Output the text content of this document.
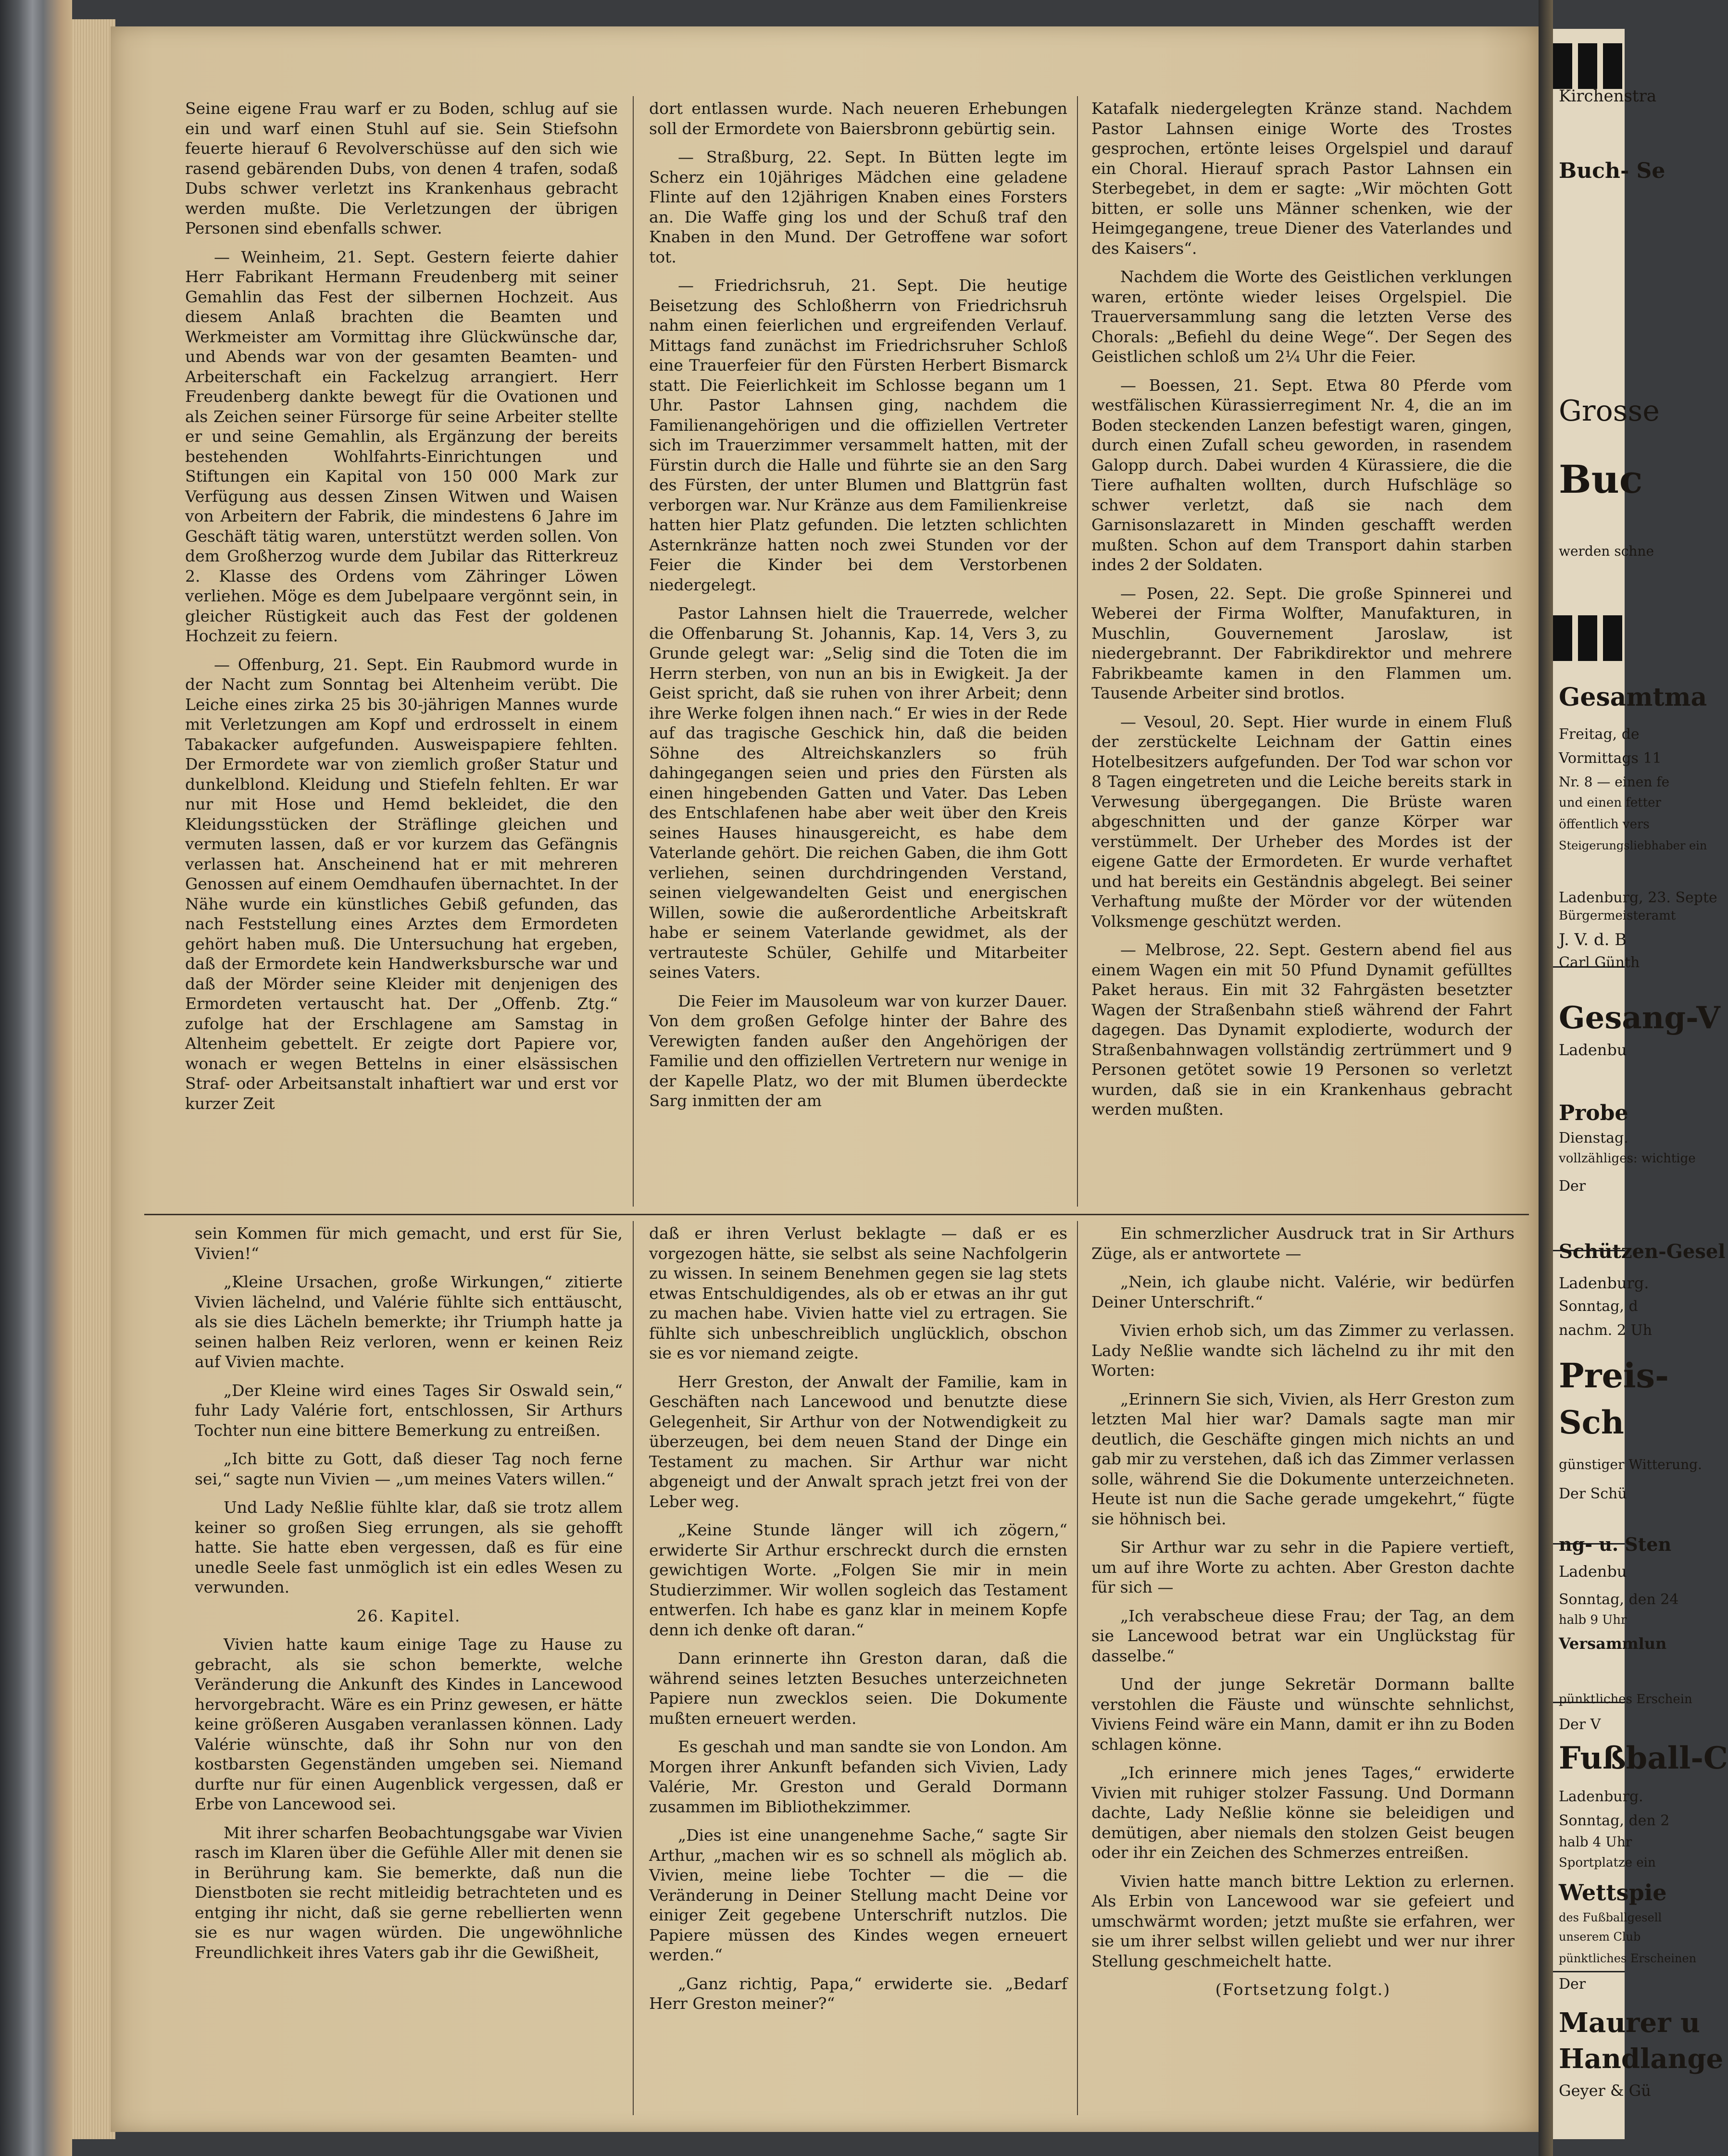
Seine eigene Frau warf er zu Boden, schlug auf sie ein und warf einen Stuhl auf sie. Sein Stiefsohn feuerte hierauf 6 Revolverschüsse auf den sich wie rasend gebärenden Dubs, von denen 4 trafen, sodaß Dubs schwer verletzt ins Krankenhaus gebracht werden mußte. Die Verletzungen der übrigen Personen sind ebenfalls schwer.

— Weinheim, 21. Sept. Gestern feierte dahier Herr Fabrikant Hermann Freudenberg mit seiner Gemahlin das Fest der silbernen Hochzeit. Aus diesem Anlaß brachten die Beamten und Werkmeister am Vormittag ihre Glückwünsche dar, und Abends war von der gesamten Beamten- und Arbeiterschaft ein Fackelzug arrangiert. Herr Freudenberg dankte bewegt für die Ovationen und als Zeichen seiner Fürsorge für seine Arbeiter stellte er und seine Gemahlin, als Ergänzung der bereits bestehenden Wohlfahrts-Einrichtungen und Stiftungen ein Kapital von 150 000 Mark zur Verfügung aus dessen Zinsen Witwen und Waisen von Arbeitern der Fabrik, die mindestens 6 Jahre im Geschäft tätig waren, unterstützt werden sollen. Von dem Großherzog wurde dem Jubilar das Ritterkreuz 2. Klasse des Ordens vom Zähringer Löwen verliehen. Möge es dem Jubelpaare vergönnt sein, in gleicher Rüstigkeit auch das Fest der goldenen Hochzeit zu feiern.

— Offenburg, 21. Sept. Ein Raubmord wurde in der Nacht zum Sonntag bei Altenheim verübt. Die Leiche eines zirka 25 bis 30-jährigen Mannes wurde mit Verletzungen am Kopf und erdrosselt in einem Tabakacker aufgefunden. Ausweispapiere fehlten. Der Ermordete war von ziemlich großer Statur und dunkelblond. Kleidung und Stiefeln fehlten. Er war nur mit Hose und Hemd bekleidet, die den Kleidungsstücken der Sträflinge gleichen und vermuten lassen, daß er vor kurzem das Gefängnis verlassen hat. Anscheinend hat er mit mehreren Genossen auf einem Oemdhaufen übernachtet. In der Nähe wurde ein künstliches Gebiß gefunden, das nach Feststellung eines Arztes dem Ermordeten gehört haben muß. Die Untersuchung hat ergeben, daß der Ermordete kein Handwerksbursche war und daß der Mörder seine Kleider mit denjenigen des Ermordeten vertauscht hat. Der „Offenb. Ztg.“ zufolge hat der Erschlagene am Samstag in Altenheim gebettelt. Er zeigte dort Papiere vor, wonach er wegen Bettelns in einer elsässischen Straf- oder Arbeitsanstalt inhaftiert war und erst vor kurzer Zeit

dort entlassen wurde. Nach neueren Erhebungen soll der Ermordete von Baiersbronn gebürtig sein.

— Straßburg, 22. Sept. In Bütten legte im Scherz ein 10jähriges Mädchen eine geladene Flinte auf den 12jährigen Knaben eines Forsters an. Die Waffe ging los und der Schuß traf den Knaben in den Mund. Der Getroffene war sofort tot.

— Friedrichsruh, 21. Sept. Die heutige Beisetzung des Schloßherrn von Friedrichsruh nahm einen feierlichen und ergreifenden Verlauf. Mittags fand zunächst im Friedrichsruher Schloß eine Trauerfeier für den Fürsten Herbert Bismarck statt. Die Feierlichkeit im Schlosse begann um 1 Uhr. Pastor Lahnsen ging, nachdem die Familienangehörigen und die offiziellen Vertreter sich im Trauerzimmer versammelt hatten, mit der Fürstin durch die Halle und führte sie an den Sarg des Fürsten, der unter Blumen und Blattgrün fast verborgen war. Nur Kränze aus dem Familienkreise hatten hier Platz gefunden. Die letzten schlichten Asternkränze hatten noch zwei Stunden vor der Feier die Kinder bei dem Verstorbenen niedergelegt.

Pastor Lahnsen hielt die Trauerrede, welcher die Offenbarung St. Johannis, Kap. 14, Vers 3, zu Grunde gelegt war: „Selig sind die Toten die im Herrn sterben, von nun an bis in Ewigkeit. Ja der Geist spricht, daß sie ruhen von ihrer Arbeit; denn ihre Werke folgen ihnen nach.“ Er wies in der Rede auf das tragische Geschick hin, daß die beiden Söhne des Altreichskanzlers so früh dahingegangen seien und pries den Fürsten als einen hingebenden Gatten und Vater. Das Leben des Entschlafenen habe aber weit über den Kreis seines Hauses hinausgereicht, es habe dem Vaterlande gehört. Die reichen Gaben, die ihm Gott verliehen, seinen durchdringenden Verstand, seinen vielgewandelten Geist und energischen Willen, sowie die außerordentliche Arbeitskraft habe er seinem Vaterlande gewidmet, als der vertrauteste Schüler, Gehilfe und Mitarbeiter seines Vaters.

Die Feier im Mausoleum war von kurzer Dauer. Von dem großen Gefolge hinter der Bahre des Verewigten fanden außer den Angehörigen der Familie und den offiziellen Vertretern nur wenige in der Kapelle Platz, wo der mit Blumen überdeckte Sarg inmitten der am

Katafalk niedergelegten Kränze stand. Nachdem Pastor Lahnsen einige Worte des Trostes gesprochen, ertönte leises Orgelspiel und darauf ein Choral. Hierauf sprach Pastor Lahnsen ein Sterbegebet, in dem er sagte: „Wir möchten Gott bitten, er solle uns Männer schenken, wie der Heimgegangene, treue Diener des Vaterlandes und des Kaisers“.

Nachdem die Worte des Geistlichen verklungen waren, ertönte wieder leises Orgelspiel. Die Trauerversammlung sang die letzten Verse des Chorals: „Befiehl du deine Wege“. Der Segen des Geistlichen schloß um 2¼ Uhr die Feier.

— Boessen, 21. Sept. Etwa 80 Pferde vom westfälischen Kürassierregiment Nr. 4, die an im Boden steckenden Lanzen befestigt waren, gingen, durch einen Zufall scheu geworden, in rasendem Galopp durch. Dabei wurden 4 Kürassiere, die die Tiere aufhalten wollten, durch Hufschläge so schwer verletzt, daß sie nach dem Garnisonslazarett in Minden geschafft werden mußten. Schon auf dem Transport dahin starben indes 2 der Soldaten.

— Posen, 22. Sept. Die große Spinnerei und Weberei der Firma Wolfter, Manufakturen, in Muschlin, Gouvernement Jaroslaw, ist niedergebrannt. Der Fabrikdirektor und mehrere Fabrikbeamte kamen in den Flammen um. Tausende Arbeiter sind brotlos.

— Vesoul, 20. Sept. Hier wurde in einem Fluß der zerstückelte Leichnam der Gattin eines Hotelbesitzers aufgefunden. Der Tod war schon vor 8 Tagen eingetreten und die Leiche bereits stark in Verwesung übergegangen. Die Brüste waren abgeschnitten und der ganze Körper war verstümmelt. Der Urheber des Mordes ist der eigene Gatte der Ermordeten. Er wurde verhaftet und hat bereits ein Geständnis abgelegt. Bei seiner Verhaftung mußte der Mörder vor der wütenden Volksmenge geschützt werden.

— Melbrose, 22. Sept. Gestern abend fiel aus einem Wagen ein mit 50 Pfund Dynamit gefülltes Paket heraus. Ein mit 32 Fahrgästen besetzter Wagen der Straßenbahn stieß während der Fahrt dagegen. Das Dynamit explodierte, wodurch der Straßenbahnwagen vollständig zertrümmert und 9 Personen getötet sowie 19 Personen so verletzt wurden, daß sie in ein Krankenhaus gebracht werden mußten.

sein Kommen für mich gemacht, und erst für Sie, Vivien!“

„Kleine Ursachen, große Wirkungen,“ zitierte Vivien lächelnd, und Valérie fühlte sich enttäuscht, als sie dies Lächeln bemerkte; ihr Triumph hatte ja seinen halben Reiz verloren, wenn er keinen Reiz auf Vivien machte.

„Der Kleine wird eines Tages Sir Oswald sein,“ fuhr Lady Valérie fort, entschlossen, Sir Arthurs Tochter nun eine bittere Bemerkung zu entreißen.

„Ich bitte zu Gott, daß dieser Tag noch ferne sei,“ sagte nun Vivien — „um meines Vaters willen.“

Und Lady Neßlie fühlte klar, daß sie trotz allem keiner so großen Sieg errungen, als sie gehofft hatte. Sie hatte eben vergessen, daß es für eine unedle Seele fast unmöglich ist ein edles Wesen zu verwunden.

26. Kapitel.

Vivien hatte kaum einige Tage zu Hause zu gebracht, als sie schon bemerkte, welche Veränderung die Ankunft des Kindes in Lancewood hervorgebracht. Wäre es ein Prinz gewesen, er hätte keine größeren Ausgaben veranlassen können. Lady Valérie wünschte, daß ihr Sohn nur von den kostbarsten Gegenständen umgeben sei. Niemand durfte nur für einen Augenblick vergessen, daß er Erbe von Lancewood sei.

Mit ihrer scharfen Beobachtungsgabe war Vivien rasch im Klaren über die Gefühle Aller mit denen sie in Berührung kam. Sie bemerkte, daß nun die Dienstboten sie recht mitleidig betrachteten und es entging ihr nicht, daß sie gerne rebellierten wenn sie es nur wagen würden. Die ungewöhnliche Freundlichkeit ihres Vaters gab ihr die Gewißheit,

daß er ihren Verlust beklagte — daß er es vorgezogen hätte, sie selbst als seine Nachfolgerin zu wissen. In seinem Benehmen gegen sie lag stets etwas Entschuldigendes, als ob er etwas an ihr gut zu machen habe. Vivien hatte viel zu ertragen. Sie fühlte sich unbeschreiblich unglücklich, obschon sie es vor niemand zeigte.

Herr Greston, der Anwalt der Familie, kam in Geschäften nach Lancewood und benutzte diese Gelegenheit, Sir Arthur von der Notwendigkeit zu überzeugen, bei dem neuen Stand der Dinge ein Testament zu machen. Sir Arthur war nicht abgeneigt und der Anwalt sprach jetzt frei von der Leber weg.

„Keine Stunde länger will ich zögern,“ erwiderte Sir Arthur erschreckt durch die ernsten gewichtigen Worte. „Folgen Sie mir in mein Studierzimmer. Wir wollen sogleich das Testament entwerfen. Ich habe es ganz klar in meinem Kopfe denn ich denke oft daran.“

Dann erinnerte ihn Greston daran, daß die während seines letzten Besuches unterzeichneten Papiere nun zwecklos seien. Die Dokumente mußten erneuert werden.

Es geschah und man sandte sie von London. Am Morgen ihrer Ankunft befanden sich Vivien, Lady Valérie, Mr. Greston und Gerald Dormann zusammen im Bibliothekzimmer.

„Dies ist eine unangenehme Sache,“ sagte Sir Arthur, „machen wir es so schnell als möglich ab. Vivien, meine liebe Tochter — die — die Veränderung in Deiner Stellung macht Deine vor einiger Zeit gegebene Unterschrift nutzlos. Die Papiere müssen des Kindes wegen erneuert werden.“

„Ganz richtig, Papa,“ erwiderte sie. „Bedarf Herr Greston meiner?“

Ein schmerzlicher Ausdruck trat in Sir Arthurs Züge, als er antwortete —

„Nein, ich glaube nicht. Valérie, wir bedürfen Deiner Unterschrift.“

Vivien erhob sich, um das Zimmer zu verlassen. Lady Neßlie wandte sich lächelnd zu ihr mit den Worten:

„Erinnern Sie sich, Vivien, als Herr Greston zum letzten Mal hier war? Damals sagte man mir deutlich, die Geschäfte gingen mich nichts an und gab mir zu verstehen, daß ich das Zimmer verlassen solle, während Sie die Dokumente unterzeichneten. Heute ist nun die Sache gerade umgekehrt,“ fügte sie höhnisch bei.

Sir Arthur war zu sehr in die Papiere vertieft, um auf ihre Worte zu achten. Aber Greston dachte für sich —

„Ich verabscheue diese Frau; der Tag, an dem sie Lancewood betrat war ein Unglückstag für dasselbe.“

Und der junge Sekretär Dormann ballte verstohlen die Fäuste und wünschte sehnlichst, Viviens Feind wäre ein Mann, damit er ihn zu Boden schlagen könne.

„Ich erinnere mich jenes Tages,“ erwiderte Vivien mit ruhiger stolzer Fassung. Und Dormann dachte, Lady Neßlie könne sie beleidigen und demütigen, aber niemals den stolzen Geist beugen oder ihr ein Zeichen des Schmerzes entreißen.

Vivien hatte manch bittre Lektion zu erlernen. Als Erbin von Lancewood war sie gefeiert und umschwärmt worden; jetzt mußte sie erfahren, wer sie um ihrer selbst willen geliebt und wer nur ihrer Stellung geschmeichelt hatte.

(Fortsetzung folgt.)

Kirchenstra
Buch- Se
Grosse
Buc
werden schne
Gesamtma
Freitag, de
Vormittags 11
Nr. 8 — einen fe
und einen fetter
öffentlich vers
Steigerungsliebhaber ein
Ladenburg, 23. Septe
Bürgermeisteramt
J. V. d. B
Carl Günth
Gesang-V
Ladenbu
Probe
Dienstag.
vollzähliges: wichtige
Der
Schützen-Gesel
Ladenburg.
Sonntag, d
nachm. 2 Uh
Preis-
Sch
günstiger Witterung.
Der Schü
ng- u. Sten
Ladenbu
Sonntag, den 24
halb 9 Uhr
Versammlun
pünktliches Erschein
Der V
Fußball-C
Ladenburg.
Sonntag, den 2
halb 4 Uhr
Sportplatze ein
Wettspie
des Fußballgesell
unserem Club
pünktliches Erscheinen
Der
Maurer u
Handlange
Geyer & Gü
